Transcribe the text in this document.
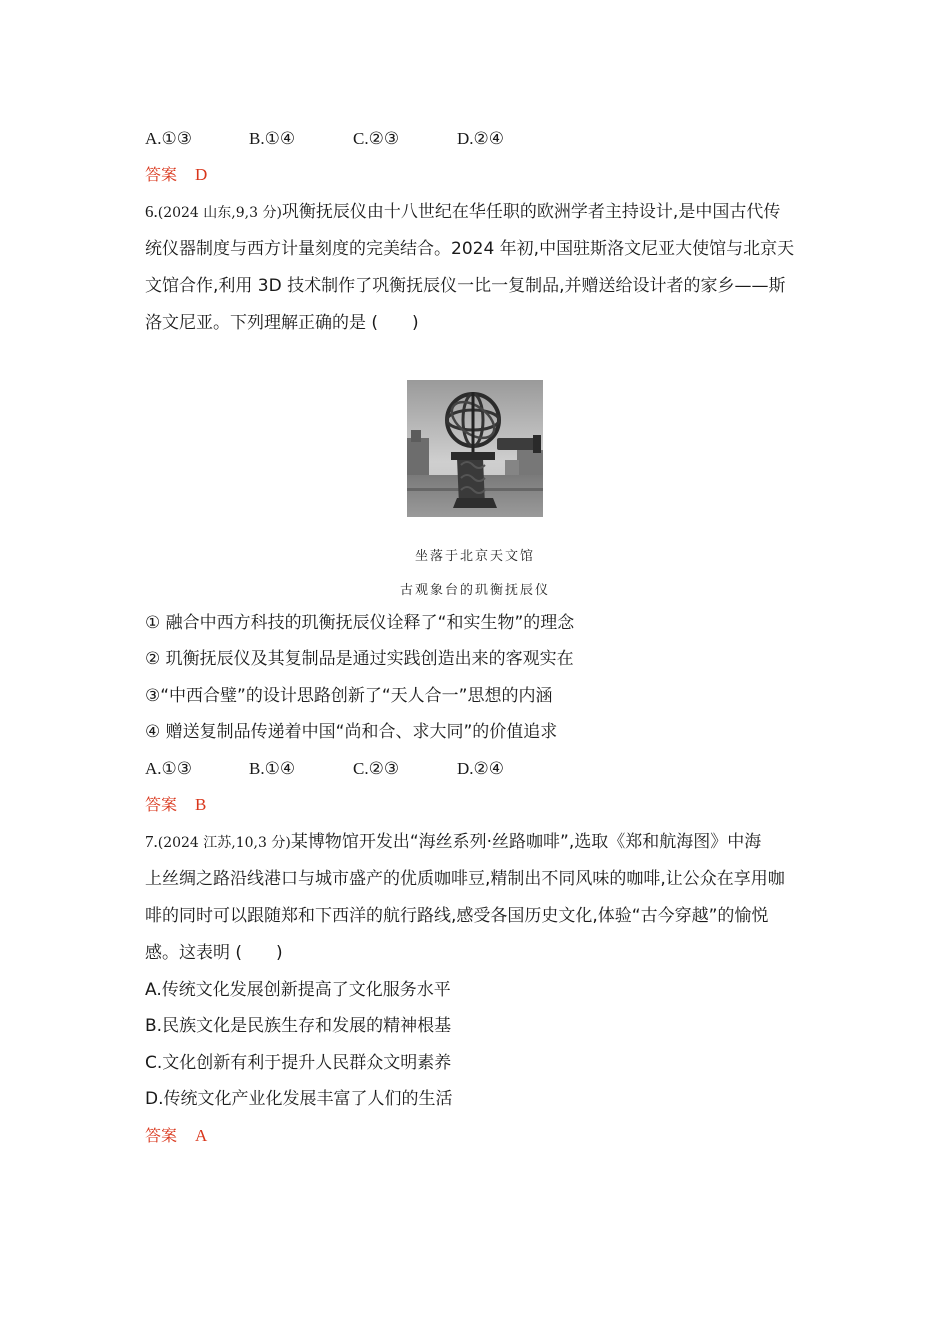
A.①③	B.①④	C.②③	D.②④
答案 D
6.(2024 山东,9,3 分)巩衡抚辰仪由十八世纪在华任职的欧洲学者主持设计,是中国古代传
统仪器制度与西方计量刻度的完美结合。2024 年初,中国驻斯洛文尼亚大使馆与北京天
文馆合作,利用 3D 技术制作了巩衡抚辰仪一比一复制品,并赠送给设计者的家乡——斯
洛文尼亚。下列理解正确的是 (　　)
坐落于北京天文馆
古观象台的玑衡抚辰仪
① 融合中西方科技的玑衡抚辰仪诠释了“和实生物”的理念
② 玑衡抚辰仪及其复制品是通过实践创造出来的客观实在
③“中西合璧”的设计思路创新了“天人合一”思想的内涵
④ 赠送复制品传递着中国“尚和合、求大同”的价值追求
A.①③	B.①④	C.②③	D.②④
答案 B
7.(2024 江苏,10,3 分)某博物馆开发出“海丝系列·丝路咖啡”,选取《郑和航海图》中海
上丝绸之路沿线港口与城市盛产的优质咖啡豆,精制出不同风味的咖啡,让公众在享用咖
啡的同时可以跟随郑和下西洋的航行路线,感受各国历史文化,体验“古今穿越”的愉悦
感。这表明 (　　)
A.传统文化发展创新提高了文化服务水平
B.民族文化是民族生存和发展的精神根基
C.文化创新有利于提升人民群众文明素养
D.传统文化产业化发展丰富了人们的生活
答案 A
